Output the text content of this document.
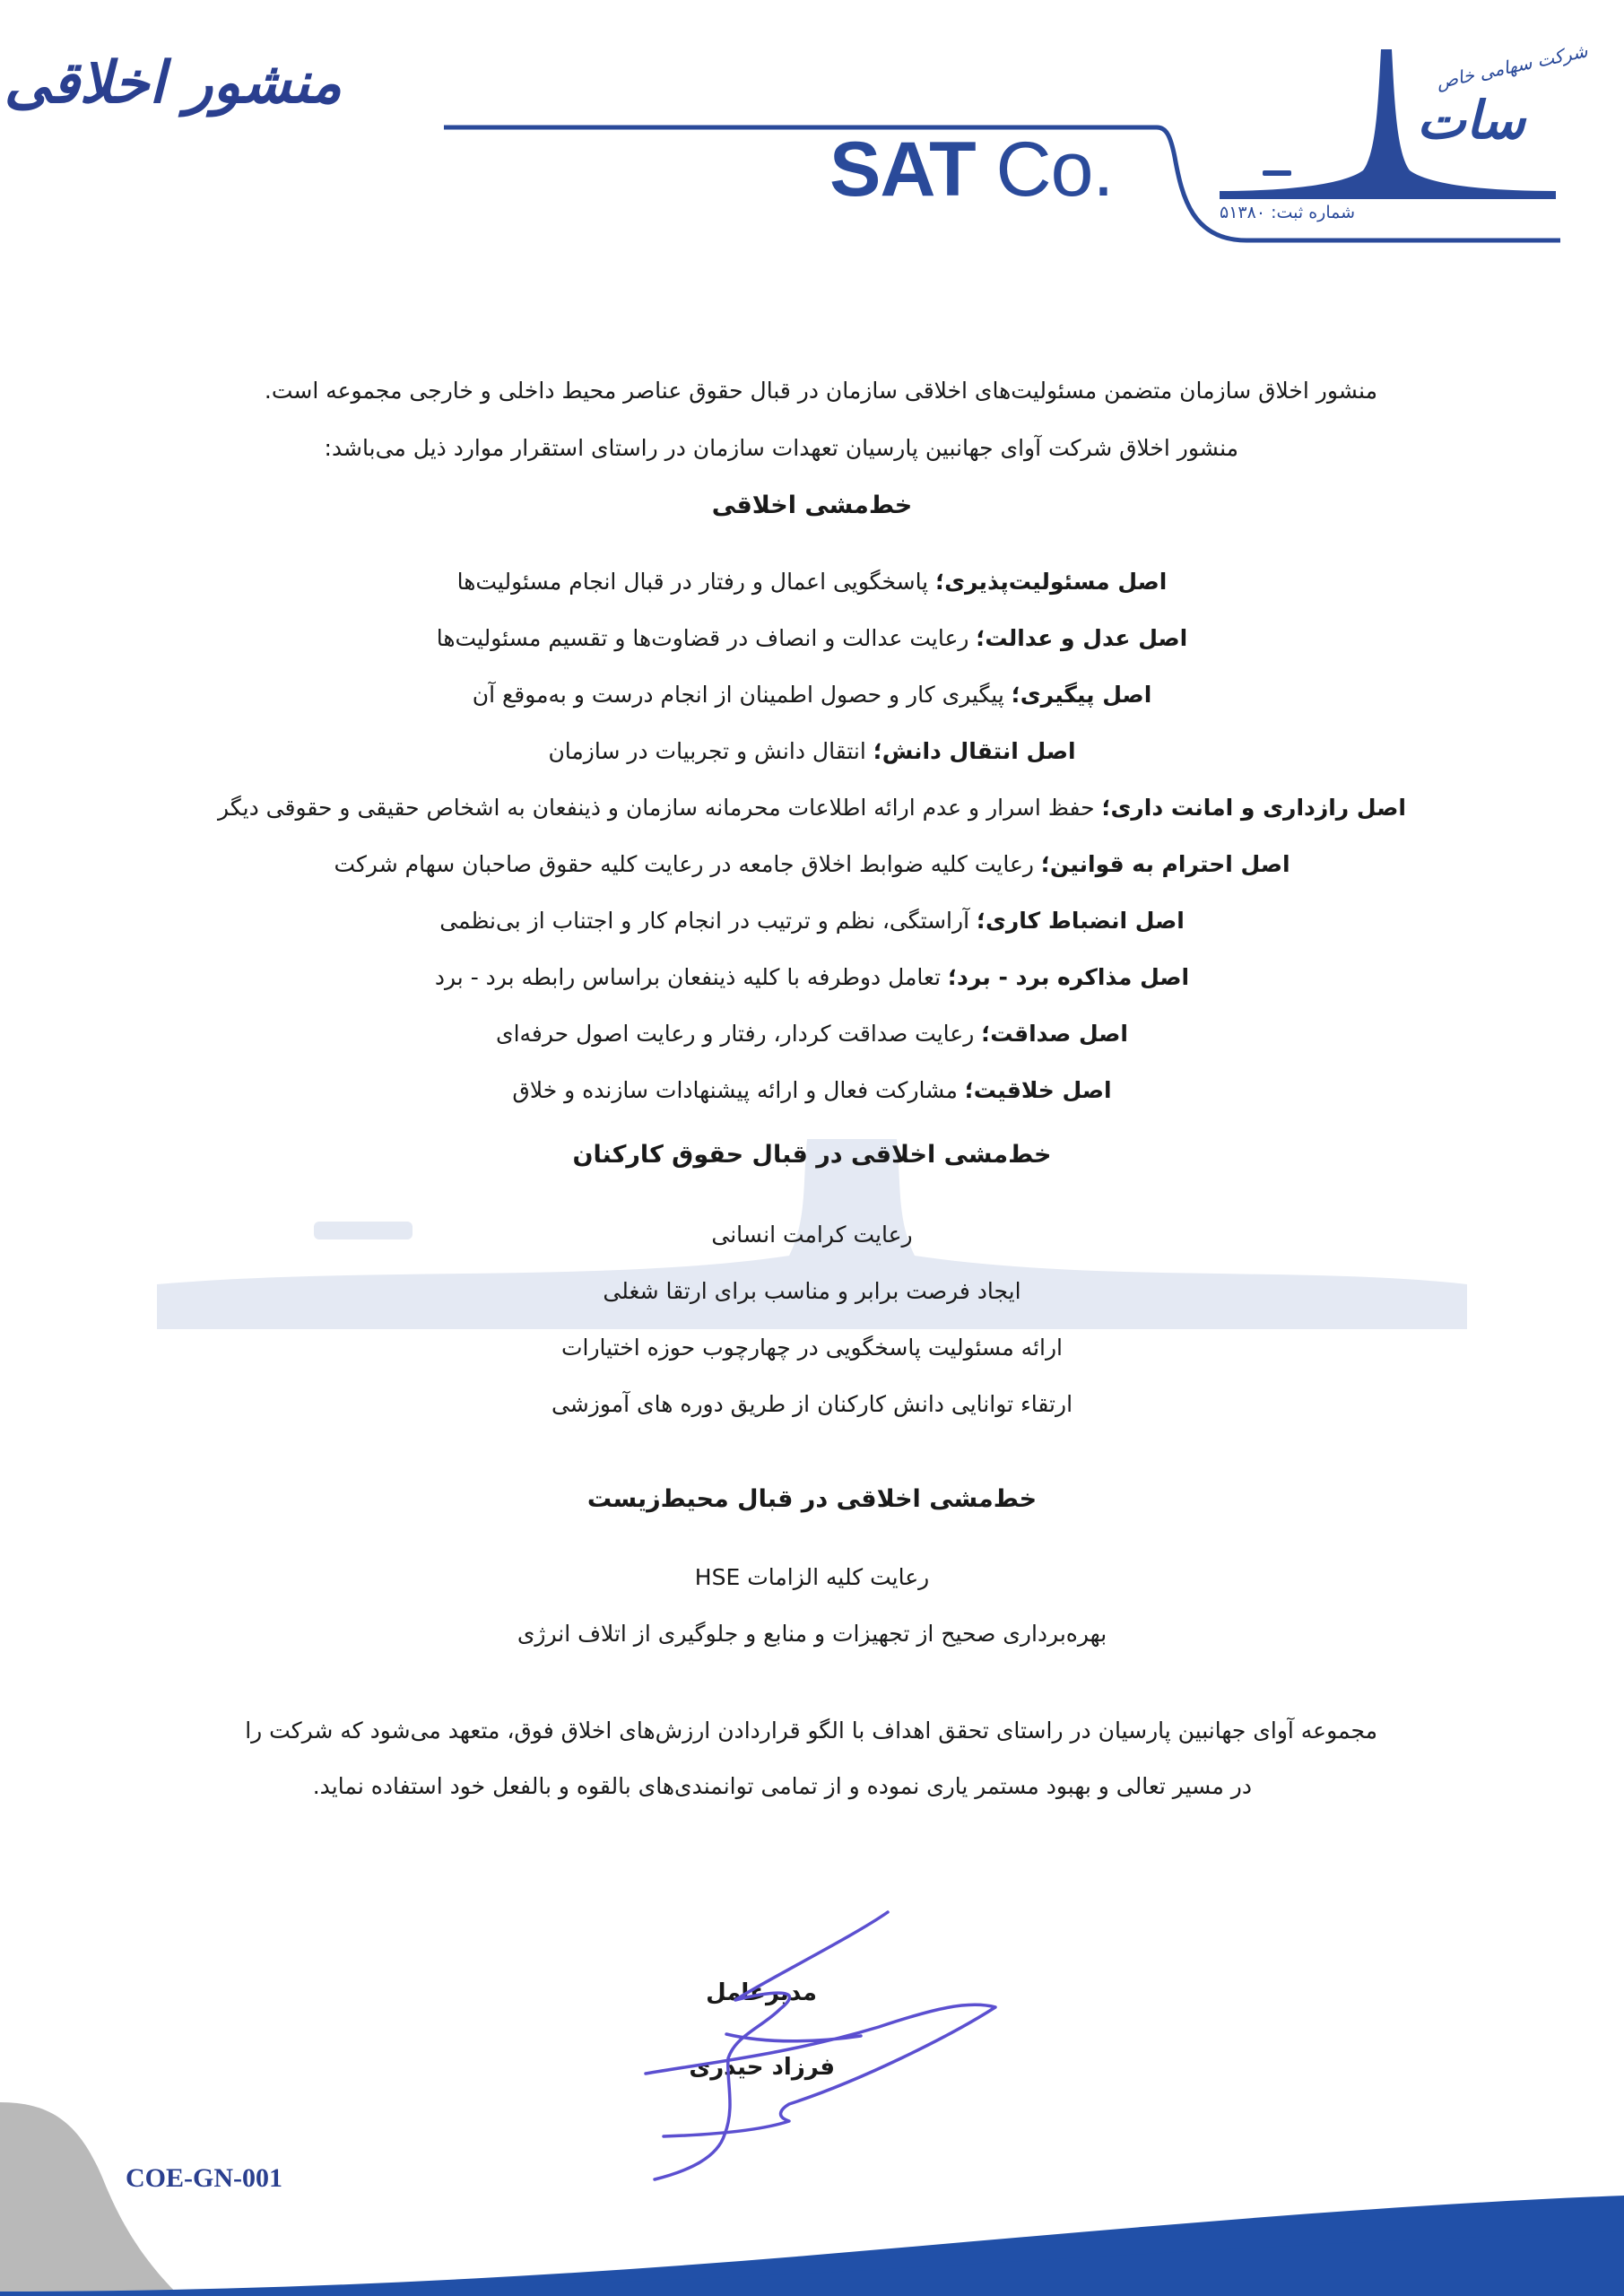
منشور اخلاقی
SAT Co.
شرکت سهامی خاص
سات
شماره ثبت: ۵۱۳۸۰
منشور اخلاق سازمان متضمن مسئولیت‌های اخلاقی سازمان در قبال حقوق عناصر محیط داخلی و خارجی مجموعه است.
منشور اخلاق شرکت آوای جهانبین پارسیان تعهدات سازمان در راستای استقرار موارد ذیل می‌باشد:
خط‌مشی اخلاقی
اصل مسئولیت‌پذیری؛ پاسخگویی اعمال و رفتار در قبال انجام مسئولیت‌ها
اصل عدل و عدالت؛ رعایت عدالت و انصاف در قضاوت‌ها و تقسیم مسئولیت‌ها
اصل پیگیری؛ پیگیری کار و حصول اطمینان از انجام درست و به‌موقع آن
اصل انتقال دانش؛ انتقال دانش و تجربیات در سازمان
اصل رازداری و امانت داری؛ حفظ اسرار و عدم ارائه اطلاعات محرمانه سازمان و ذینفعان به اشخاص حقیقی و حقوقی دیگر
اصل احترام به قوانین؛ رعایت کلیه ضوابط اخلاق جامعه در رعایت کلیه حقوق صاحبان سهام شرکت
اصل انضباط کاری؛ آراستگی، نظم و ترتیب در انجام کار و اجتناب از بی‌نظمی
اصل مذاکره برد - برد؛ تعامل دوطرفه با کلیه ذینفعان براساس رابطه برد - برد
اصل صداقت؛ رعایت صداقت کردار، رفتار و رعایت اصول حرفه‌ای
اصل خلاقیت؛ مشارکت فعال و ارائه پیشنهادات سازنده و خلاق
خط‌مشی اخلاقی در قبال حقوق کارکنان
رعایت کرامت انسانی
ایجاد فرصت برابر و مناسب برای ارتقا شغلی
ارائه مسئولیت پاسخگویی در چهارچوب حوزه اختیارات
ارتقاء توانایی دانش کارکنان از طریق دوره های آموزشی
خط‌مشی اخلاقی در قبال محیط‌زیست
رعایت کلیه الزامات HSE
بهره‌برداری صحیح از تجهیزات و منابع و جلوگیری از اتلاف انرژی
مجموعه آوای جهانبین پارسیان در راستای تحقق اهداف با الگو قراردادن ارزش‌های اخلاق فوق، متعهد می‌شود که شرکت را
در مسیر تعالی و بهبود مستمر یاری نموده و از تمامی توانمندی‌های بالقوه و بالفعل خود استفاده نماید.
مدیرعامل
فرزاد حیدری
COE-GN-001
